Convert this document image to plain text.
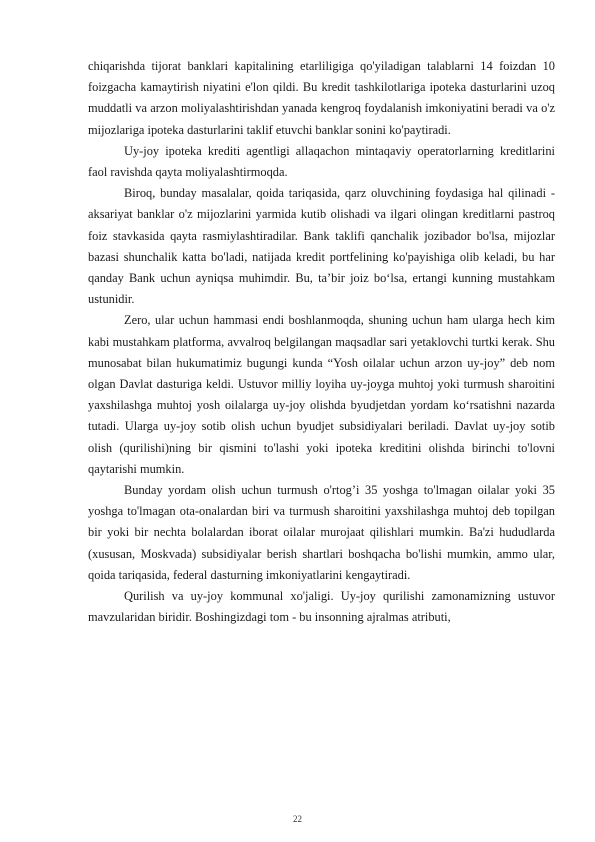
chiqarishda tijorat banklari kapitalining etarliligiga qo'yiladigan talablarni 14 foizdan 10 foizgacha kamaytirish niyatini e'lon qildi. Bu kredit tashkilotlariga ipoteka dasturlarini uzoq muddatli va arzon moliyalashtirishdan yanada kengroq foydalanish imkoniyatini beradi va o'z mijozlariga ipoteka dasturlarini taklif etuvchi banklar sonini ko'paytiradi.

Uy-joy ipoteka krediti agentligi allaqachon mintaqaviy operatorlarning kreditlarini faol ravishda qayta moliyalashtirmoqda.

Biroq, bunday masalalar, qoida tariqasida, qarz oluvchining foydasiga hal qilinadi - aksariyat banklar o'z mijozlarini yarmida kutib olishadi va ilgari olingan kreditlarni pastroq foiz stavkasida qayta rasmiylashtiradilar. Bank taklifi qanchalik jozibador bo'lsa, mijozlar bazasi shunchalik katta bo'ladi, natijada kredit portfelining ko'payishiga olib keladi, bu har qanday Bank uchun ayniqsa muhimdir. Bu, ta’bir joiz bo‘lsa, ertangi kunning mustahkam ustunidir.

Zero, ular uchun hammasi endi boshlanmoqda, shuning uchun ham ularga hech kim kabi mustahkam platforma, avvalroq belgilangan maqsadlar sari yetaklovchi turtki kerak. Shu munosabat bilan hukumatimiz bugungi kunda “Yosh oilalar uchun arzon uy-joy” deb nom olgan Davlat dasturiga keldi. Ustuvor milliy loyiha uy-joyga muhtoj yoki turmush sharoitini yaxshilashga muhtoj yosh oilalarga uy-joy olishda byudjetdan yordam ko‘rsatishni nazarda tutadi. Ularga uy-joy sotib olish uchun byudjet subsidiyalari beriladi. Davlat uy-joy sotib olish (qurilishi)ning bir qismini to'lashi yoki ipoteka kreditini olishda birinchi to'lovni qaytarishi mumkin.

Bunday yordam olish uchun turmush o'rtog’i 35 yoshga to'lmagan oilalar yoki 35 yoshga to'lmagan ota-onalardan biri va turmush sharoitini yaxshilashga muhtoj deb topilgan bir yoki bir nechta bolalardan iborat oilalar murojaat qilishlari mumkin. Ba'zi hududlarda (xususan, Moskvada) subsidiyalar berish shartlari boshqacha bo'lishi mumkin, ammo ular, qoida tariqasida, federal dasturning imkoniyatlarini kengaytiradi.

Qurilish va uy-joy kommunal xo'jaligi. Uy-joy qurilishi zamonamizning ustuvor mavzularidan biridir. Boshingizdagi tom - bu insonning ajralmas atributi,

22
